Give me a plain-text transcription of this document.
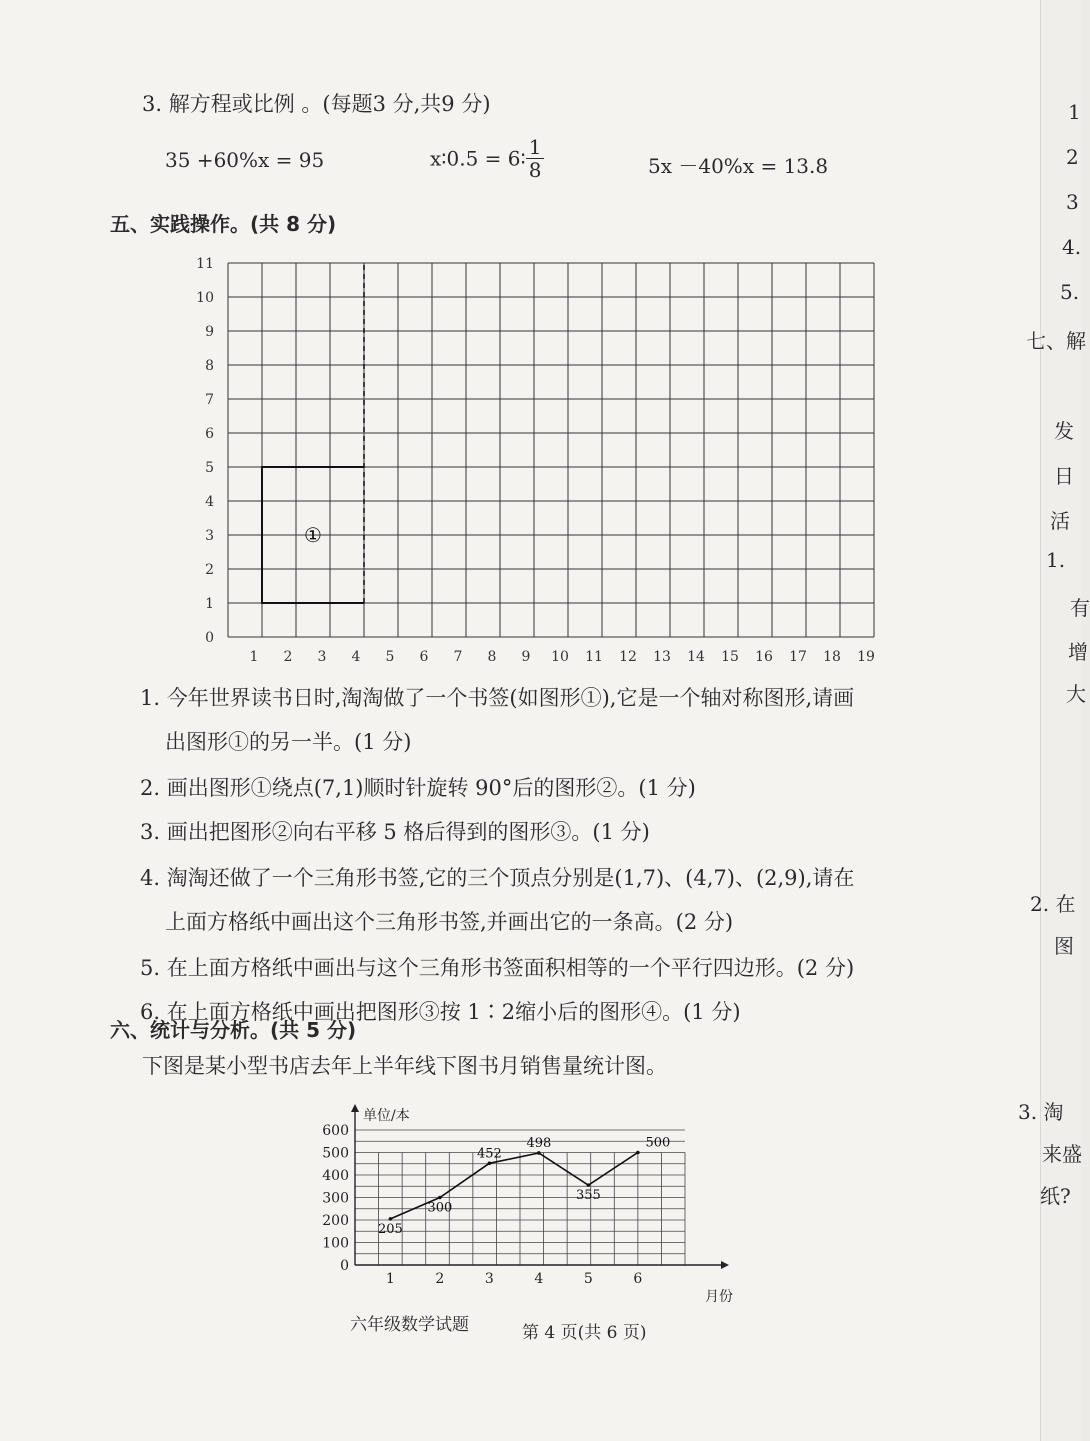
3. 解方程或比例 。(每题3 分,共9 分)
35 +60%x = 95	x∶0.5 = 6∶ $\frac{1}{8}$	5x －40%x = 13.8
五、实践操作。(共 8 分)
0
1
2
3
4
5
6
7
8
9
10
11
1 2 3 4 5 6 7 8 9 10 11 12 13 14 15 16 17 18 19
①
1. 今年世界读书日时,淘淘做了一个书签(如图形①),它是一个轴对称图形,请画
出图形①的另一半。(1 分)
2. 画出图形①绕点(7,1)顺时针旋转 90°后的图形②。(1 分)
3. 画出把图形②向右平移 5 格后得到的图形③。(1 分)
4. 淘淘还做了一个三角形书签,它的三个顶点分别是(1,7)、(4,7)、(2,9),请在
上面方格纸中画出这个三角形书签,并画出它的一条高。(2 分)
5. 在上面方格纸中画出与这个三角形书签面积相等的一个平行四边形。(2 分)
6. 在上面方格纸中画出把图形③按 1∶2缩小后的图形④。(1 分)
六、统计与分析。(共 5 分)
下图是某小型书店去年上半年线下图书月销售量统计图。
0
100
200
300
400
500
600
1	2	3	4	5	6
单位/本
月份
205
300
452
498
355
500
六年级数学试题	第 4 页(共 6 页)
1
2
3
4.
5.
七、解
发
日
活
1.
有
增
大
2. 在
图
3. 淘
来盛
纸?
